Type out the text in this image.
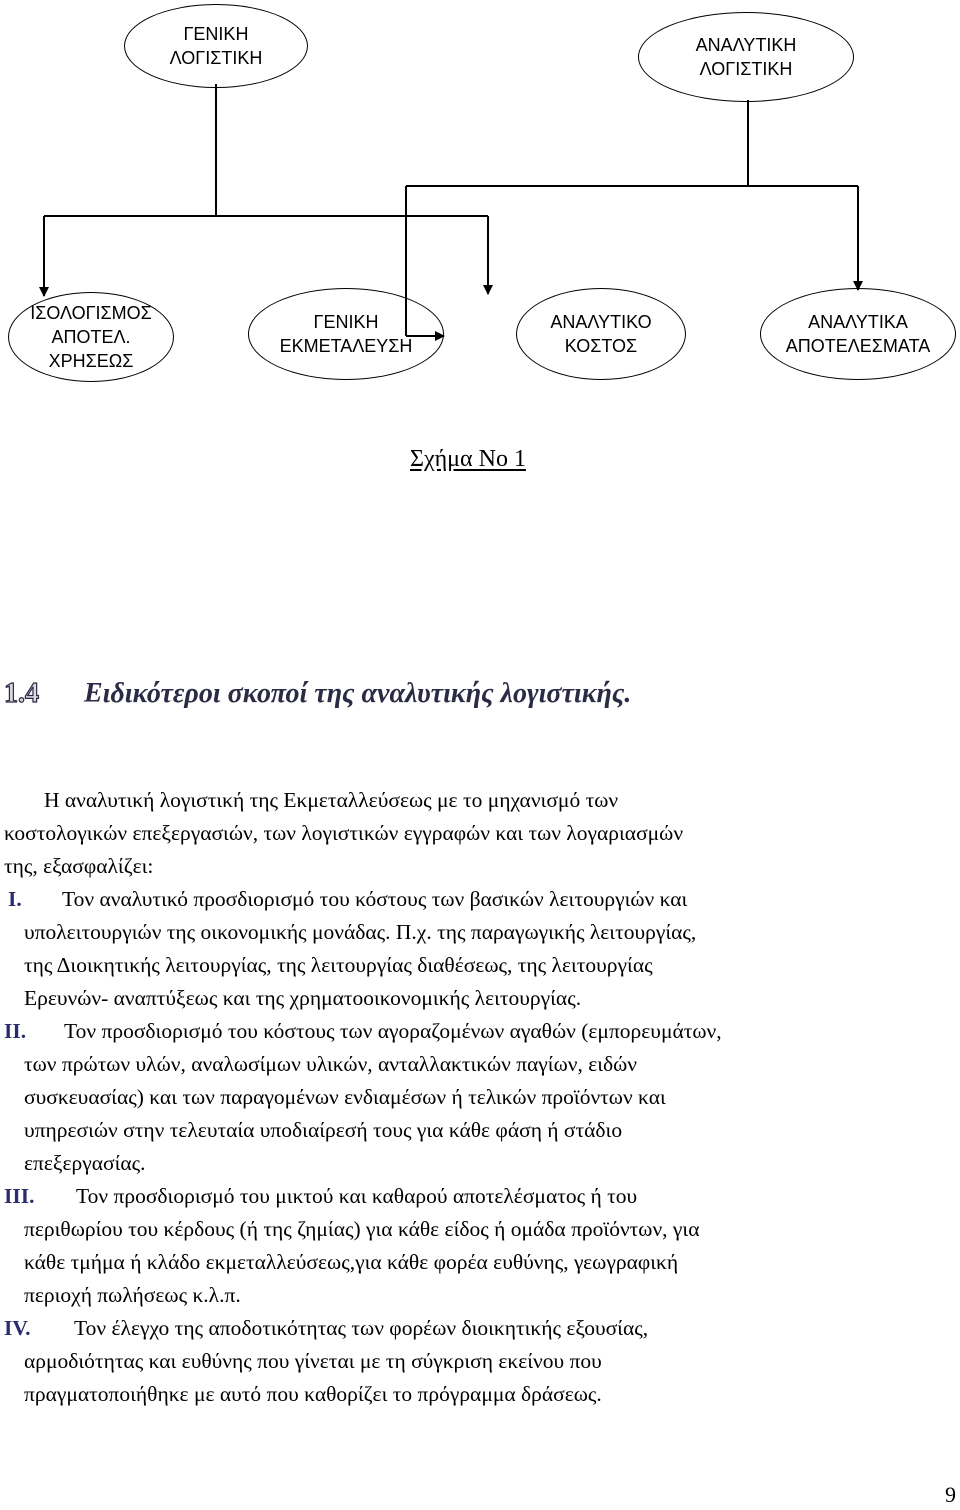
ΓΕΝΙΚΗ
ΛΟΓΙΣΤΙΚΗ
ΑΝΑΛΥΤΙΚΗ
ΛΟΓΙΣΤΙΚΗ
ΙΣΟΛΟΓΙΣΜΟΣ
ΑΠΟΤΕΛ.
ΧΡΗΣΕΩΣ
ΓΕΝΙΚΗ
ΕΚΜΕΤΑΛΕΥΣΗ
ΑΝΑΛΥΤΙΚΟ
ΚΟΣΤΟΣ
ΑΝΑΛΥΤΙΚΑ
ΑΠΟΤΕΛΕΣΜΑΤΑ
Σχήμα Νο 1
1.4 Ειδικότεροι σκοποί της αναλυτικής λογιστικής.
Η αναλυτική λογιστική της Εκμεταλλεύσεως με το μηχανισμό των
κοστολογικών επεξεργασιών, των λογιστικών εγγραφών και των λογαριασμών
της, εξασφαλίζει:
I. Τον αναλυτικό προσδιορισμό του κόστους των βασικών λειτουργιών και
υπολειτουργιών της οικονομικής μονάδας. Π.χ. της παραγωγικής λειτουργίας,
της Διοικητικής λειτουργίας, της λειτουργίας διαθέσεως, της λειτουργίας
Ερευνών- αναπτύξεως και της χρηματοοικονομικής λειτουργίας.
II. Τον προσδιορισμό του κόστους των αγοραζομένων αγαθών (εμπορευμάτων,
των πρώτων υλών, αναλωσίμων υλικών, ανταλλακτικών παγίων, ειδών
συσκευασίας) και των παραγομένων ενδιαμέσων ή τελικών προϊόντων και
υπηρεσιών στην τελευταία υποδιαίρεσή τους για κάθε φάση ή στάδιο
επεξεργασίας.
III. Τον προσδιορισμό του μικτού και καθαρού αποτελέσματος ή του
περιθωρίου του κέρδους (ή της ζημίας) για κάθε είδος ή ομάδα προϊόντων, για
κάθε τμήμα ή κλάδο εκμεταλλεύσεως,για κάθε φορέα ευθύνης, γεωγραφική
περιοχή πωλήσεως κ.λ.π.
IV. Τον έλεγχο της αποδοτικότητας των φορέων διοικητικής εξουσίας,
αρμοδιότητας και ευθύνης που γίνεται με τη σύγκριση εκείνου που
πραγματοποιήθηκε με αυτό που καθορίζει το πρόγραμμα δράσεως.
9
